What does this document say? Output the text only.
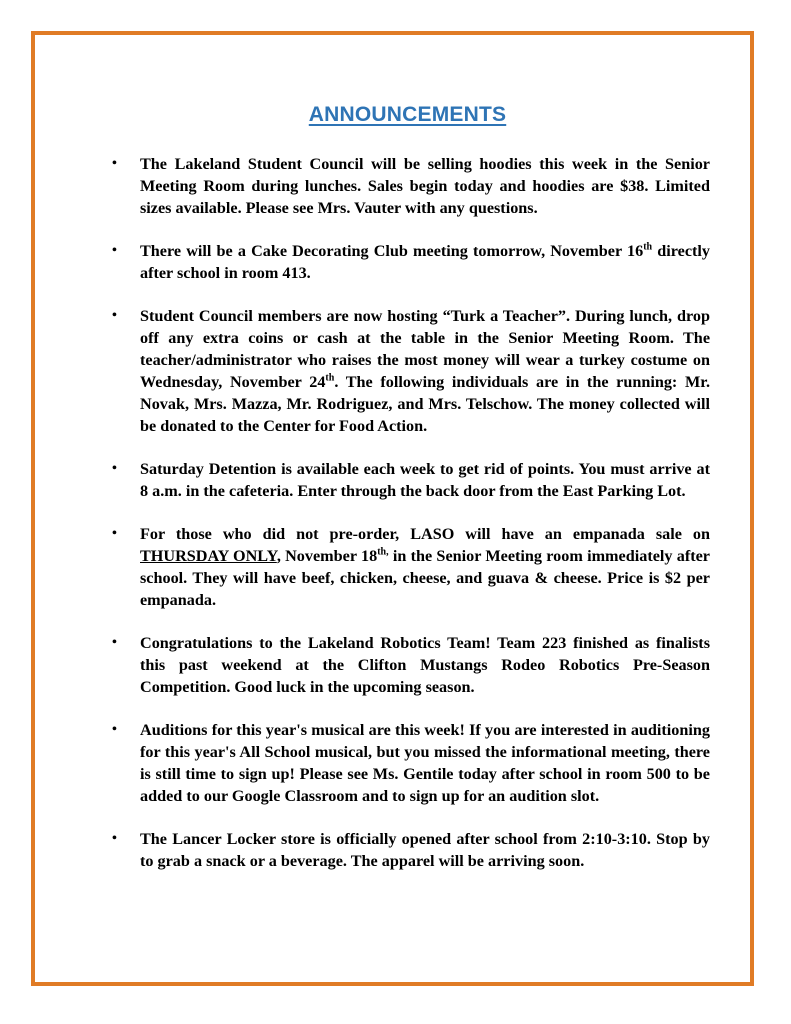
ANNOUNCEMENTS
• The Lakeland Student Council will be selling hoodies this week in the Senior Meeting Room during lunches. Sales begin today and hoodies are $38. Limited sizes available. Please see Mrs. Vauter with any questions.
• There will be a Cake Decorating Club meeting tomorrow, November 16th directly after school in room 413.
• Student Council members are now hosting “Turk a Teacher”. During lunch, drop off any extra coins or cash at the table in the Senior Meeting Room. The teacher/administrator who raises the most money will wear a turkey costume on Wednesday, November 24th. The following individuals are in the running: Mr. Novak, Mrs. Mazza, Mr. Rodriguez, and Mrs. Telschow. The money collected will be donated to the Center for Food Action.
• Saturday Detention is available each week to get rid of points. You must arrive at 8 a.m. in the cafeteria. Enter through the back door from the East Parking Lot.
• For those who did not pre-order, LASO will have an empanada sale on THURSDAY ONLY, November $18^{th,}$ in the Senior Meeting room immediately after school. They will have beef, chicken, cheese, and guava & cheese. Price is $2 per empanada.
• Congratulations to the Lakeland Robotics Team! Team 223 finished as finalists this past weekend at the Clifton Mustangs Rodeo Robotics Pre-Season Competition. Good luck in the upcoming season.
• Auditions for this year's musical are this week! If you are interested in auditioning for this year's All School musical, but you missed the informational meeting, there is still time to sign up! Please see Ms. Gentile today after school in room 500 to be added to our Google Classroom and to sign up for an audition slot.
• The Lancer Locker store is officially opened after school from 2:10-3:10. Stop by to grab a snack or a beverage. The apparel will be arriving soon.
